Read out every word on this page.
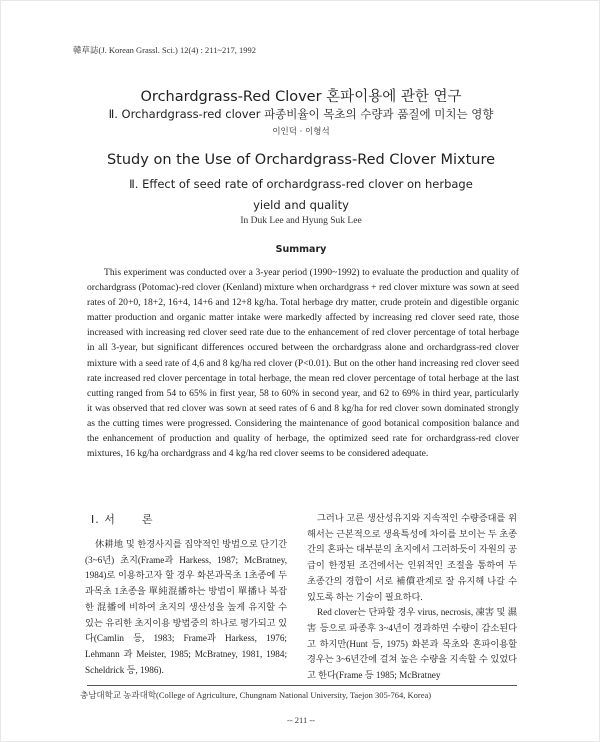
韓草誌(J. Korean Grassl. Sci.) 12(4) : 211~217, 1992
Orchardgrass-Red Clover 혼파이용에 관한 연구
Ⅱ. Orchardgrass-red clover 파종비율이 목초의 수량과 품질에 미치는 영향
이인덕 · 이형석
Study on the Use of Orchardgrass-Red Clover Mixture
Ⅱ. Effect of seed rate of orchardgrass-red clover on herbage
yield and quality
In Duk Lee and Hyung Suk Lee
Summary

This experiment was conducted over a 3-year period (1990~1992) to evaluate the production and quality of orchardgrass (Potomac)-red clover (Kenland) mixture when orchardgrass + red clover mixture was sown at seed rates of 20+0, 18+2, 16+4, 14+6 and 12+8 kg/ha. Total herbage dry matter, crude protein and digestible organic matter production and organic matter intake were markedly affected by increasing red clover seed rate, those increased with increasing red clover seed rate due to the enhancement of red clover percentage of total herbage in all 3-year, but significant differences occured between the orchardgrass alone and orchardgrass-red clover mixture with a seed rate of 4,6 and 8 kg/ha red clover (P<0.01). But on the other hand increasing red clover seed rate increased red clover percentage in total herbage, the mean red clover percentage of total herbage at the last cutting ranged from 54 to 65% in first year, 58 to 60% in second year, and 62 to 69% in third year, particularly it was observed that red clover was sown at seed rates of 6 and 8 kg/ha for red clover sown dominated strongly as the cutting times were progressed. Considering the maintenance of good botanical composition balance and the enhancement of production and quality of herbage, the optimized seed rate for orchardgrass-red clover mixtures, 16 kg/ha orchardgrass and 4 kg/ha red clover seems to be considered adequate.

Ⅰ. 서 론

休耕地 및 한경사지를 집약적인 방법으로 단기간(3~6년) 초지(Frame과 Harkess, 1987; McBratney, 1984)로 이용하고자 할 경우 화본과목초 1초종에 두과목초 1초종을 單純混播하는 방법이 單播나 복잡한 混播에 비하여 초지의 생산성을 높게 유지할 수 있는 유리한 초지이용 방법중의 하나로 평가되고 있다(Camlin 등, 1983; Frame과 Harkess, 1976; Lehmann 과 Meister, 1985; McBratney, 1981, 1984; Scheldrick 등, 1986).

그러나 고른 생산성유지와 지속적인 수량증대를 위해서는 근본적으로 생육특성에 차이를 보이는 두 초종간의 혼파는 대부분의 초지에서 그러하듯이 자원의 공급이 한정된 조건에서는 인위적인 조절을 통하여 두 초종간의 경합이 서로 補償관계로 잘 유지해 나갈 수 있도록 하는 기술이 필요하다.

Red clover는 단파할 경우 virus, necrosis, 凍害 및 濕害 등으로 파종후 3~4년이 경과하면 수량이 감소된다고 하지만(Hunt 등, 1975) 화본과 목초와 혼파이용할 경우는 3~6년간에 걸쳐 높은 수량을 지속할 수 있었다고 한다(Frame 등 1985; McBratney

충남대학교 농과대학(College of Agriculture, Chungnam National University, Taejon 305-764, Korea)
-- 211 --
